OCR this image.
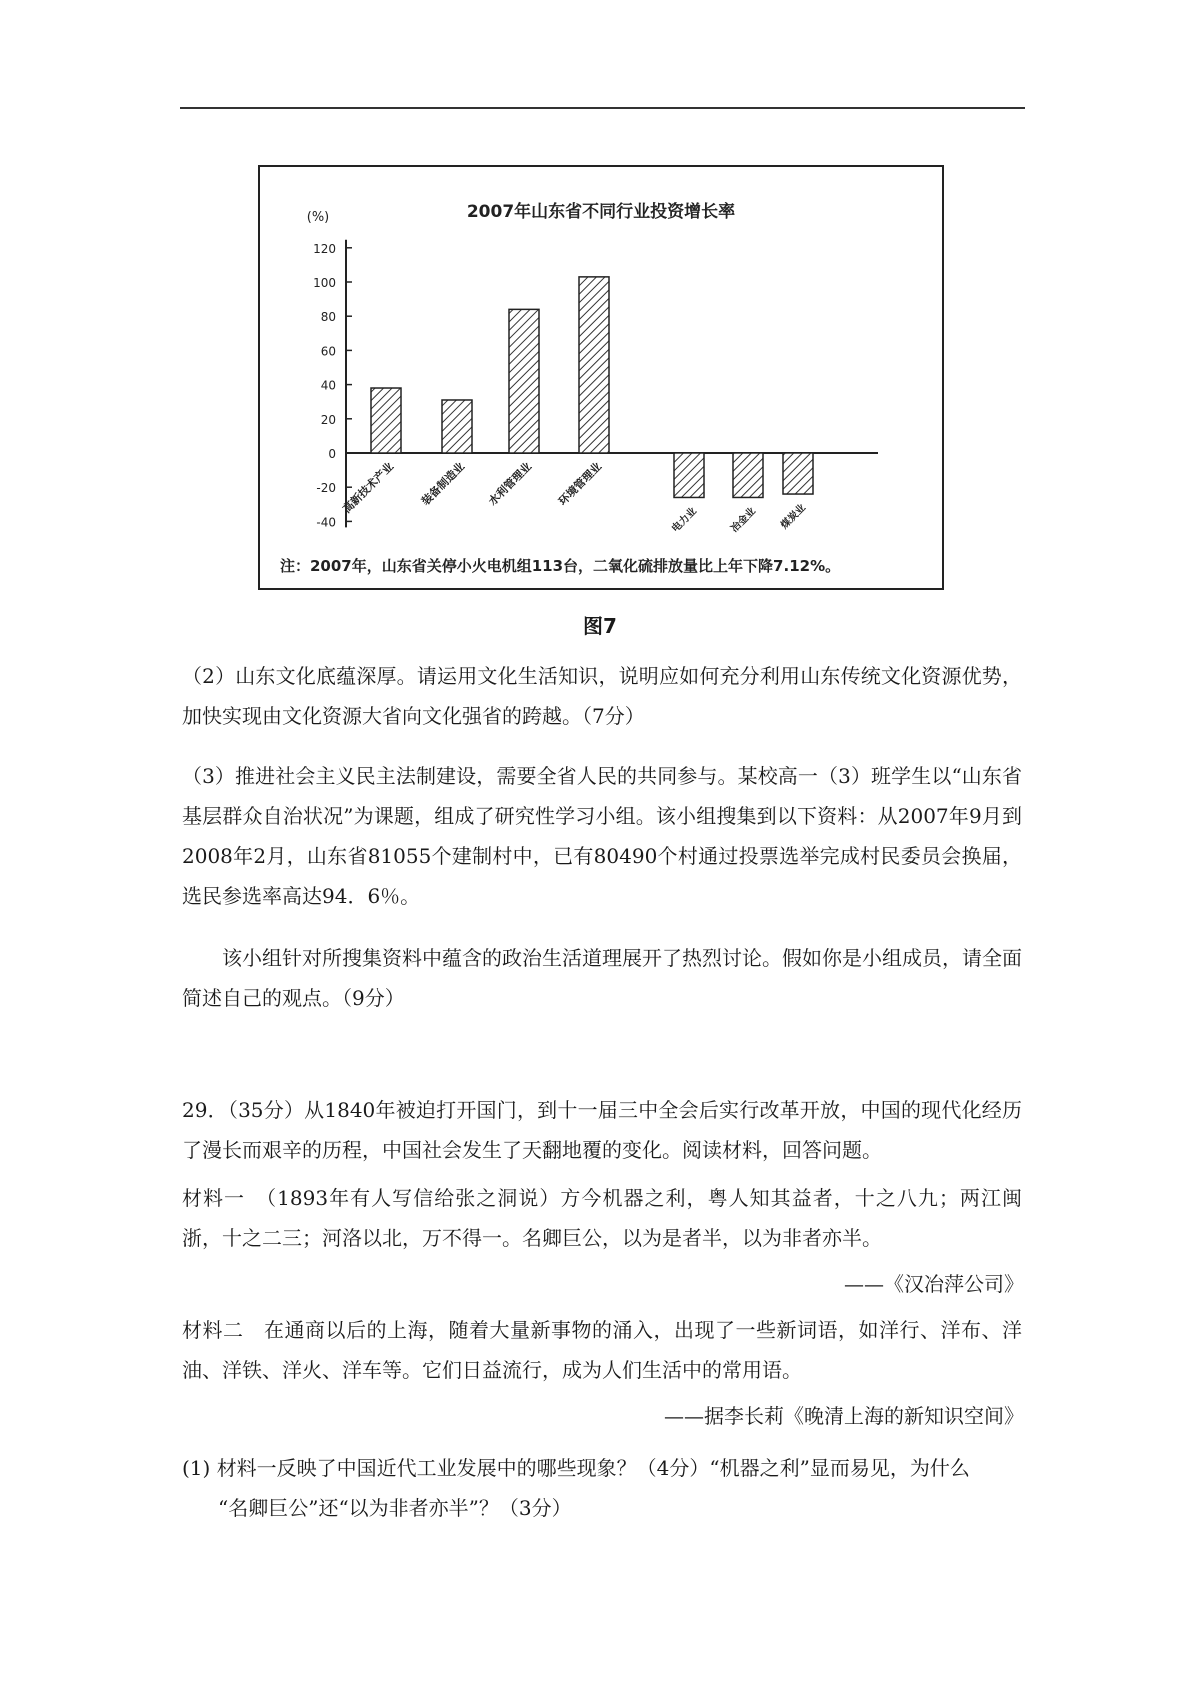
2007年山东省不同行业投资增长率
(%)
120
100
80
60
40
20
0
-20
-40
高新技术产业 装备制造业 水利管理业 环境管理业
电力业	冶金业 煤炭业
注：2007年，山东省关停小火电机组113台，二氧化硫排放量比上年下降7.12%。
图7
（2）山东文化底蕴深厚。请运用文化生活知识，说明应如何充分利用山东传统文化资源优势，加快实现由文化资源大省向文化强省的跨越。（7分）
（3）推进社会主义民主法制建设，需要全省人民的共同参与。某校高一（3）班学生以“山东省基层群众自治状况”为课题，组成了研究性学习小组。该小组搜集到以下资料：从2007年9月到2008年2月，山东省81055个建制村中，已有80490个村通过投票选举完成村民委员会换届，选民参选率高达94．6％。
该小组针对所搜集资料中蕴含的政治生活道理展开了热烈讨论。假如你是小组成员，请全面简述自己的观点。（9分）
29．（35分）从1840年被迫打开国门，到十一届三中全会后实行改革开放，中国的现代化经历了漫长而艰辛的历程，中国社会发生了天翻地覆的变化。阅读材料，回答问题。
材料一　（1893年有人写信给张之洞说）方今机器之利，粤人知其益者，十之八九；两江闽浙，十之二三；河洛以北，万不得一。名卿巨公，以为是者半，以为非者亦半。
——《汉冶萍公司》
材料二　在通商以后的上海，随着大量新事物的涌入，出现了一些新词语，如洋行、洋布、洋油、洋铁、洋火、洋车等。它们日益流行，成为人们生活中的常用语。
——据李长莉《晚清上海的新知识空间》
(1) 材料一反映了中国近代工业发展中的哪些现象？（4分）“机器之利”显而易见，为什么
“名卿巨公”还“以为非者亦半”？（3分）
